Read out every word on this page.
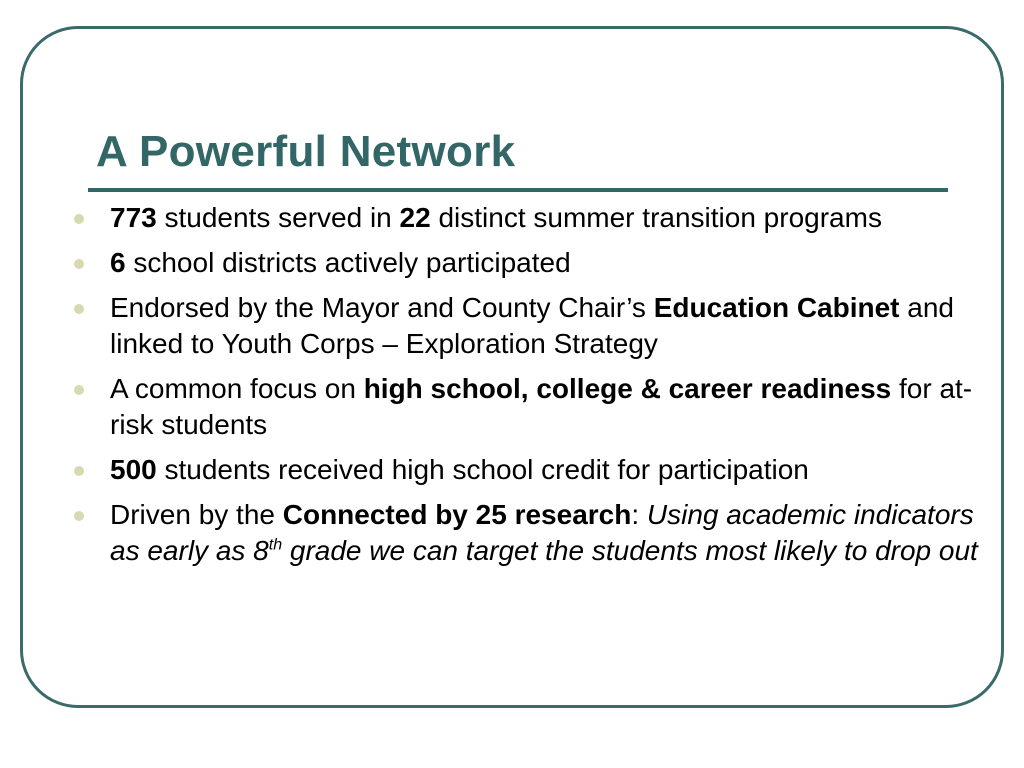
A Powerful Network
773 students served in 22 distinct summer transition programs
6 school districts actively participated
Endorsed by the Mayor and County Chair’s Education Cabinet and linked to Youth Corps – Exploration Strategy
A common focus on high school, college & career readiness for at-risk students
500 students received high school credit for participation
Driven by the Connected by 25 research: Using academic indicators as early as 8th grade we can target the students most likely to drop out
